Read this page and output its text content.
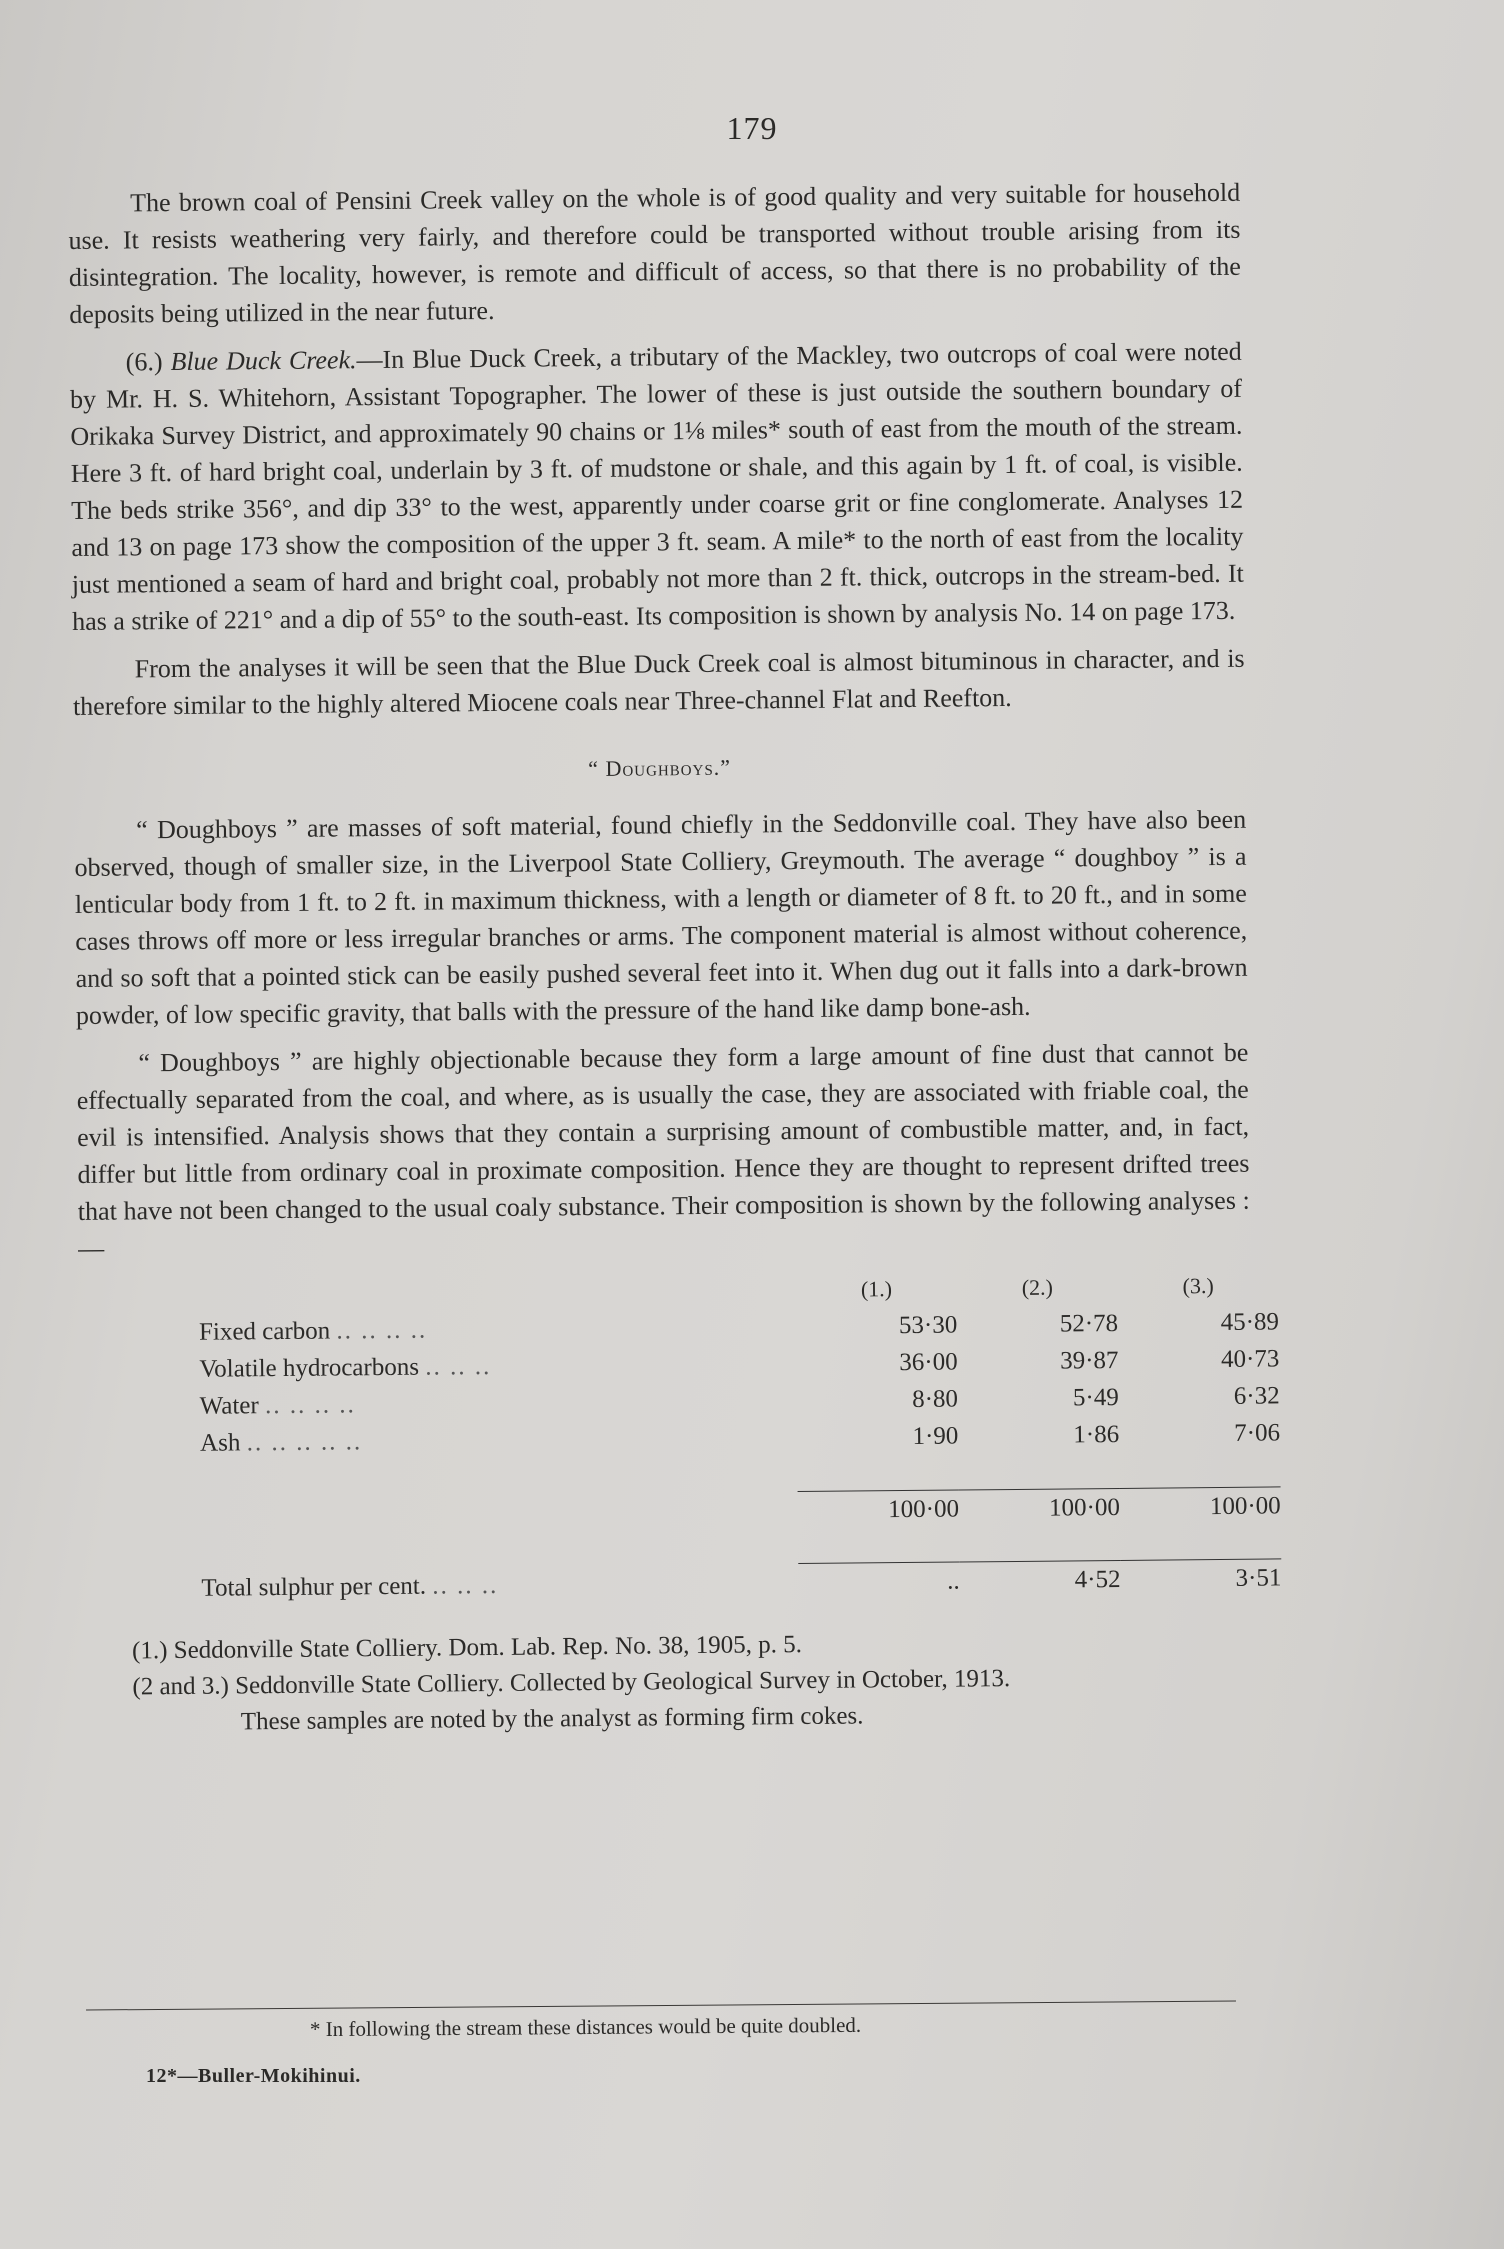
179

The brown coal of Pensini Creek valley on the whole is of good quality and very suitable for household use. It resists weathering very fairly, and therefore could be transported without trouble arising from its disintegration. The locality, however, is remote and difficult of access, so that there is no probability of the deposits being utilized in the near future.

(6.) Blue Duck Creek.—In Blue Duck Creek, a tributary of the Mackley, two outcrops of coal were noted by Mr. H. S. Whitehorn, Assistant Topographer. The lower of these is just outside the southern boundary of Orikaka Survey District, and approximately 90 chains or 1⅛ miles* south of east from the mouth of the stream. Here 3 ft. of hard bright coal, underlain by 3 ft. of mudstone or shale, and this again by 1 ft. of coal, is visible. The beds strike 356°, and dip 33° to the west, apparently under coarse grit or fine conglomerate. Analyses 12 and 13 on page 173 show the composition of the upper 3 ft. seam. A mile* to the north of east from the locality just mentioned a seam of hard and bright coal, probably not more than 2 ft. thick, outcrops in the stream-bed. It has a strike of 221° and a dip of 55° to the south-east. Its composition is shown by analysis No. 14 on page 173.

From the analyses it will be seen that the Blue Duck Creek coal is almost bituminous in character, and is therefore similar to the highly altered Miocene coals near Three-channel Flat and Reefton.

“ Doughboys.”

“ Doughboys ” are masses of soft material, found chiefly in the Seddonville coal. They have also been observed, though of smaller size, in the Liverpool State Colliery, Greymouth. The average “ doughboy ” is a lenticular body from 1 ft. to 2 ft. in maximum thickness, with a length or diameter of 8 ft. to 20 ft., and in some cases throws off more or less irregular branches or arms. The component material is almost without coherence, and so soft that a pointed stick can be easily pushed several feet into it. When dug out it falls into a dark-brown powder, of low specific gravity, that balls with the pressure of the hand like damp bone-ash.

“ Doughboys ” are highly objectionable because they form a large amount of fine dust that cannot be effectually separated from the coal, and where, as is usually the case, they are associated with friable coal, the evil is intensified. Analysis shows that they contain a surprising amount of combustible matter, and, in fact, differ but little from ordinary coal in proximate composition. Hence they are thought to represent drifted trees that have not been changed to the usual coaly substance. Their composition is shown by the following analyses :—

	(1.)	(2.)	(3.)
Fixed carbon .. .. .. ..	53·30	52·78	45·89
Volatile hydrocarbons .. .. ..	36·00	39·87	40·73
Water .. .. .. ..	8·80	5·49	6·32
Ash .. .. .. .. ..	1·90	1·86	7·06

	100·00	100·00	100·00

Total sulphur per cent. .. .. ..	..	4·52	3·51
(1.) Seddonville State Colliery. Dom. Lab. Rep. No. 38, 1905, p. 5.
(2 and 3.) Seddonville State Colliery. Collected by Geological Survey in October, 1913.
These samples are noted by the analyst as forming firm cokes.
* In following the stream these distances would be quite doubled.
12*—Buller-Mokihinui.
